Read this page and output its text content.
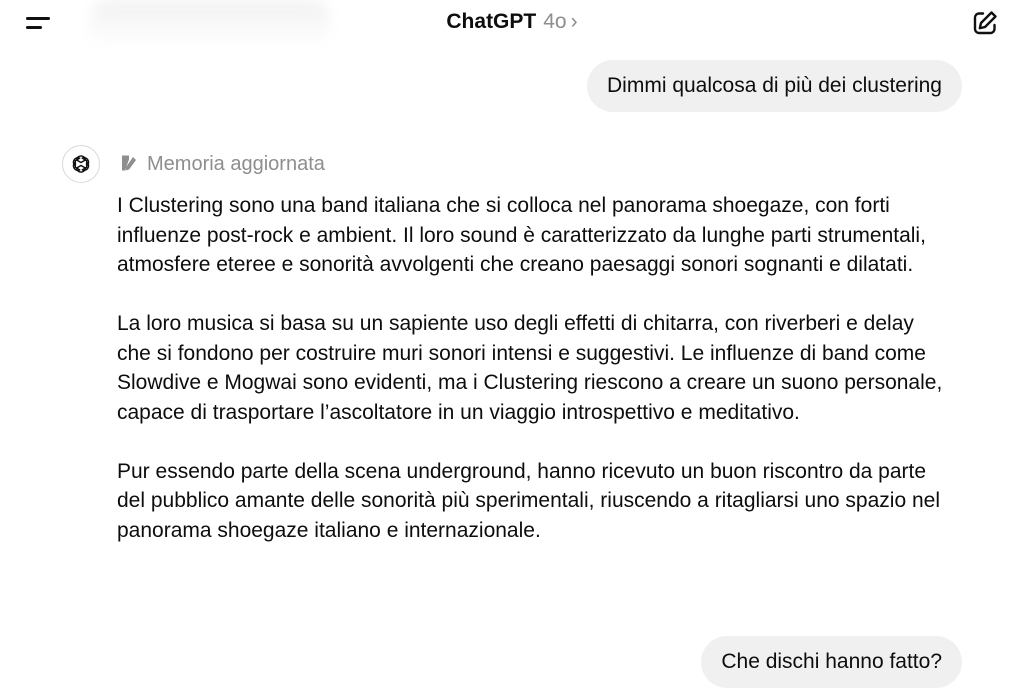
ChatGPT 4o ›
Dimmi qualcosa di più dei clustering
Memoria aggiornata

I Clustering sono una band italiana che si colloca nel panorama shoegaze, con forti influenze post-rock e ambient. Il loro sound è caratterizzato da lunghe parti strumentali, atmosfere eteree e sonorità avvolgenti che creano paesaggi sonori sognanti e dilatati.

La loro musica si basa su un sapiente uso degli effetti di chitarra, con riverberi e delay che si fondono per costruire muri sonori intensi e suggestivi. Le influenze di band come Slowdive e Mogwai sono evidenti, ma i Clustering riescono a creare un suono personale, capace di trasportare l’ascoltatore in un viaggio introspettivo e meditativo.

Pur essendo parte della scena underground, hanno ricevuto un buon riscontro da parte del pubblico amante delle sonorità più sperimentali, riuscendo a ritagliarsi uno spazio nel panorama shoegaze italiano e internazionale.

Che dischi hanno fatto?
